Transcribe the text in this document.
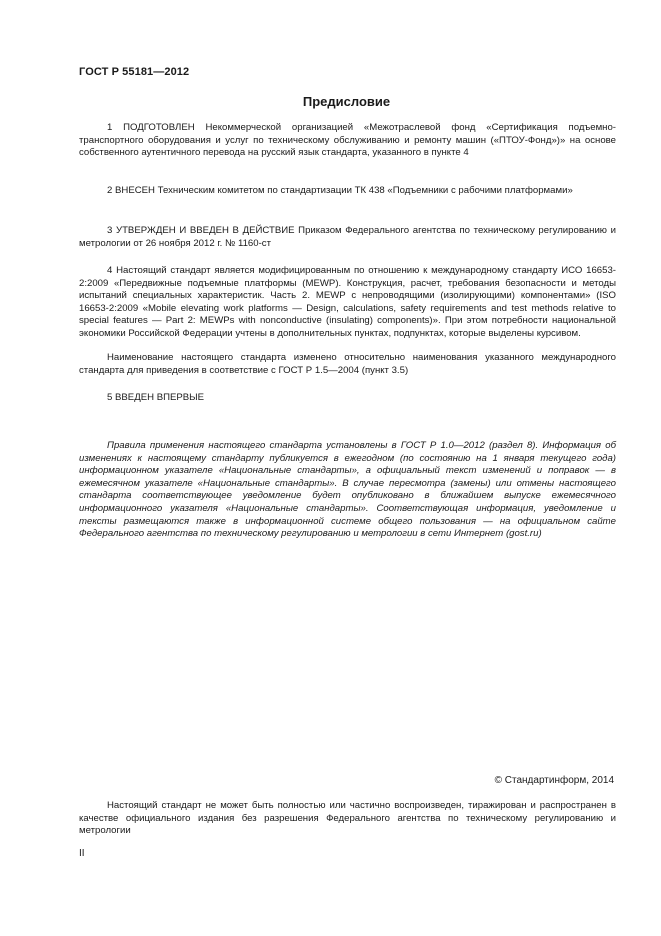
ГОСТ Р 55181—2012
Предисловие

1 ПОДГОТОВЛЕН Некоммерческой организацией «Межотраслевой фонд «Сертификация подъемно-транспортного оборудования и услуг по техническому обслуживанию и ремонту машин («ПТОУ-Фонд»)» на основе собственного аутентичного перевода на русский язык стандарта, указанного в пункте 4

2 ВНЕСЕН Техническим комитетом по стандартизации ТК 438 «Подъемники с рабочими платформами»

3 УТВЕРЖДЕН И ВВЕДЕН В ДЕЙСТВИЕ Приказом Федерального агентства по техническому регулированию и метрологии от 26 ноября 2012 г. № 1160-ст

4 Настоящий стандарт является модифицированным по отношению к международному стандарту ИСО 16653-2:2009 «Передвижные подъемные платформы (MEWP). Конструкция, расчет, требования безопасности и методы испытаний специальных характеристик. Часть 2. MEWP с непроводящими (изолирующими) компонентами» (ISO 16653-2:2009 «Mobile elevating work platforms — Design, calculations, safety requirements and test methods relative to special features — Part 2: MEWPs with nonconductive (insulating) components)». При этом потребности национальной экономики Российской Федерации учтены в дополнительных пунктах, подпунктах, которые выделены курсивом.

Наименование настоящего стандарта изменено относительно наименования указанного международного стандарта для приведения в соответствие с ГОСТ Р 1.5—2004 (пункт 3.5)

5 ВВЕДЕН ВПЕРВЫЕ

Правила применения настоящего стандарта установлены в ГОСТ Р 1.0—2012 (раздел 8). Информация об изменениях к настоящему стандарту публикуется в ежегодном (по состоянию на 1 января текущего года) информационном указателе «Национальные стандарты», а официальный текст изменений и поправок — в ежемесячном указателе «Национальные стандарты». В случае пересмотра (замены) или отмены настоящего стандарта соответствующее уведомление будет опубликовано в ближайшем выпуске ежемесячного информационного указателя «Национальные стандарты». Соответствующая информация, уведомление и тексты размещаются также в информационной системе общего пользования — на официальном сайте Федерального агентства по техническому регулированию и метрологии в сети Интернет (gost.ru)

© Стандартинформ, 2014

Настоящий стандарт не может быть полностью или частично воспроизведен, тиражирован и распространен в качестве официального издания без разрешения Федерального агентства по техническому регулированию и метрологии

II
